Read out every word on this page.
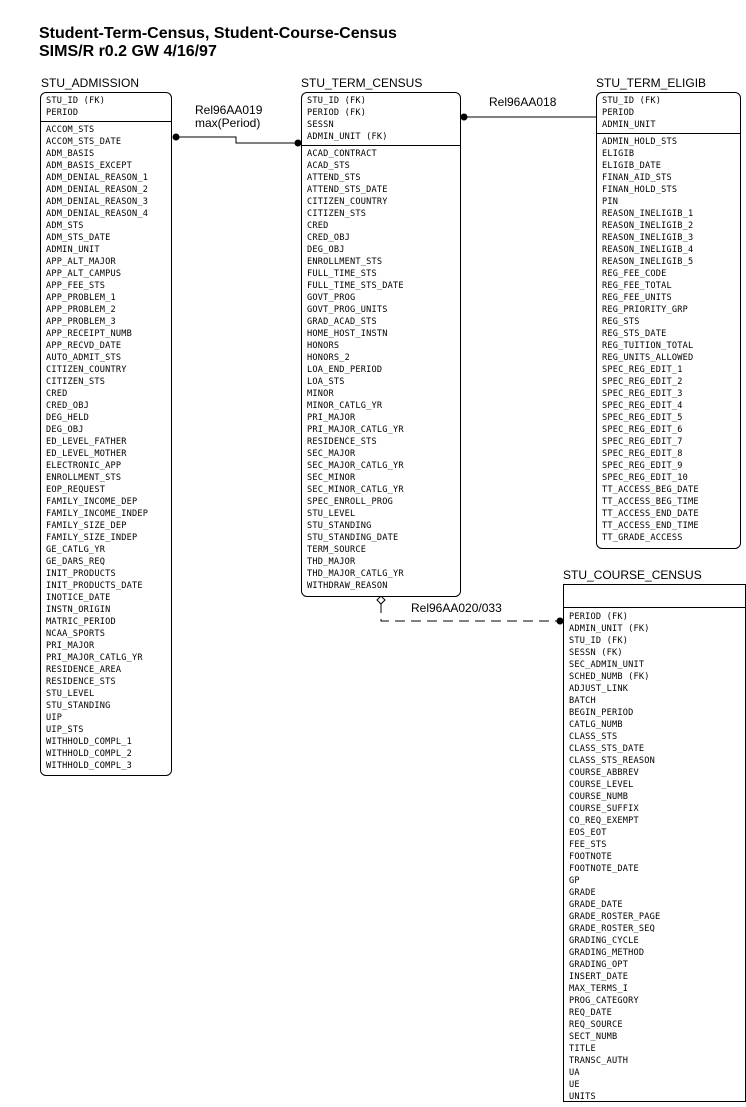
Student-Term-Census, Student-Course-Census
SIMS/R r0.2 GW 4/16/97
Rel96AA019
max(Period)
Rel96AA018
Rel96AA020/033
STU_ADMISSION
STU_ID (FK)
PERIOD
ACCOM_STS
ACCOM_STS_DATE
ADM_BASIS
ADM_BASIS_EXCEPT
ADM_DENIAL_REASON_1
ADM_DENIAL_REASON_2
ADM_DENIAL_REASON_3
ADM_DENIAL_REASON_4
ADM_STS
ADM_STS_DATE
ADMIN_UNIT
APP_ALT_MAJOR
APP_ALT_CAMPUS
APP_FEE_STS
APP_PROBLEM_1
APP_PROBLEM_2
APP_PROBLEM_3
APP_RECEIPT_NUMB
APP_RECVD_DATE
AUTO_ADMIT_STS
CITIZEN_COUNTRY
CITIZEN_STS
CRED
CRED_OBJ
DEG_HELD
DEG_OBJ
ED_LEVEL_FATHER
ED_LEVEL_MOTHER
ELECTRONIC_APP
ENROLLMENT_STS
EOP_REQUEST
FAMILY_INCOME_DEP
FAMILY_INCOME_INDEP
FAMILY_SIZE_DEP
FAMILY_SIZE_INDEP
GE_CATLG_YR
GE_DARS_REQ
INIT_PRODUCTS
INIT_PRODUCTS_DATE
INOTICE_DATE
INSTN_ORIGIN
MATRIC_PERIOD
NCAA_SPORTS
PRI_MAJOR
PRI_MAJOR_CATLG_YR
RESIDENCE_AREA
RESIDENCE_STS
STU_LEVEL
STU_STANDING
UIP
UIP_STS
WITHHOLD_COMPL_1
WITHHOLD_COMPL_2
WITHHOLD_COMPL_3
STU_TERM_CENSUS
STU_ID (FK)
PERIOD (FK)
SESSN
ADMIN_UNIT (FK)
ACAD_CONTRACT
ACAD_STS
ATTEND_STS
ATTEND_STS_DATE
CITIZEN_COUNTRY
CITIZEN_STS
CRED
CRED_OBJ
DEG_OBJ
ENROLLMENT_STS
FULL_TIME_STS
FULL_TIME_STS_DATE
GOVT_PROG
GOVT_PROG_UNITS
GRAD_ACAD_STS
HOME_HOST_INSTN
HONORS
HONORS_2
LOA_END_PERIOD
LOA_STS
MINOR
MINOR_CATLG_YR
PRI_MAJOR
PRI_MAJOR_CATLG_YR
RESIDENCE_STS
SEC_MAJOR
SEC_MAJOR_CATLG_YR
SEC_MINOR
SEC_MINOR_CATLG_YR
SPEC_ENROLL_PROG
STU_LEVEL
STU_STANDING
STU_STANDING_DATE
TERM_SOURCE
THD_MAJOR
THD_MAJOR_CATLG_YR
WITHDRAW_REASON
STU_TERM_ELIGIB
STU_ID (FK)
PERIOD
ADMIN_UNIT
ADMIN_HOLD_STS
ELIGIB
ELIGIB_DATE
FINAN_AID_STS
FINAN_HOLD_STS
PIN
REASON_INELIGIB_1
REASON_INELIGIB_2
REASON_INELIGIB_3
REASON_INELIGIB_4
REASON_INELIGIB_5
REG_FEE_CODE
REG_FEE_TOTAL
REG_FEE_UNITS
REG_PRIORITY_GRP
REG_STS
REG_STS_DATE
REG_TUITION_TOTAL
REG_UNITS_ALLOWED
SPEC_REG_EDIT_1
SPEC_REG_EDIT_2
SPEC_REG_EDIT_3
SPEC_REG_EDIT_4
SPEC_REG_EDIT_5
SPEC_REG_EDIT_6
SPEC_REG_EDIT_7
SPEC_REG_EDIT_8
SPEC_REG_EDIT_9
SPEC_REG_EDIT_10
TT_ACCESS_BEG_DATE
TT_ACCESS_BEG_TIME
TT_ACCESS_END_DATE
TT_ACCESS_END_TIME
TT_GRADE_ACCESS
STU_COURSE_CENSUS
PERIOD (FK)
ADMIN_UNIT (FK)
STU_ID (FK)
SESSN (FK)
SEC_ADMIN_UNIT
SCHED_NUMB (FK)
ADJUST_LINK
BATCH
BEGIN_PERIOD
CATLG_NUMB
CLASS_STS
CLASS_STS_DATE
CLASS_STS_REASON
COURSE_ABBREV
COURSE_LEVEL
COURSE_NUMB
COURSE_SUFFIX
CO_REQ_EXEMPT
EOS_EOT
FEE_STS
FOOTNOTE
FOOTNOTE_DATE
GP
GRADE
GRADE_DATE
GRADE_ROSTER_PAGE
GRADE_ROSTER_SEQ
GRADING_CYCLE
GRADING_METHOD
GRADING_OPT
INSERT_DATE
MAX_TERMS_I
PROG_CATEGORY
REQ_DATE
REQ_SOURCE
SECT_NUMB
TITLE
TRANSC_AUTH
UA
UE
UNITS
